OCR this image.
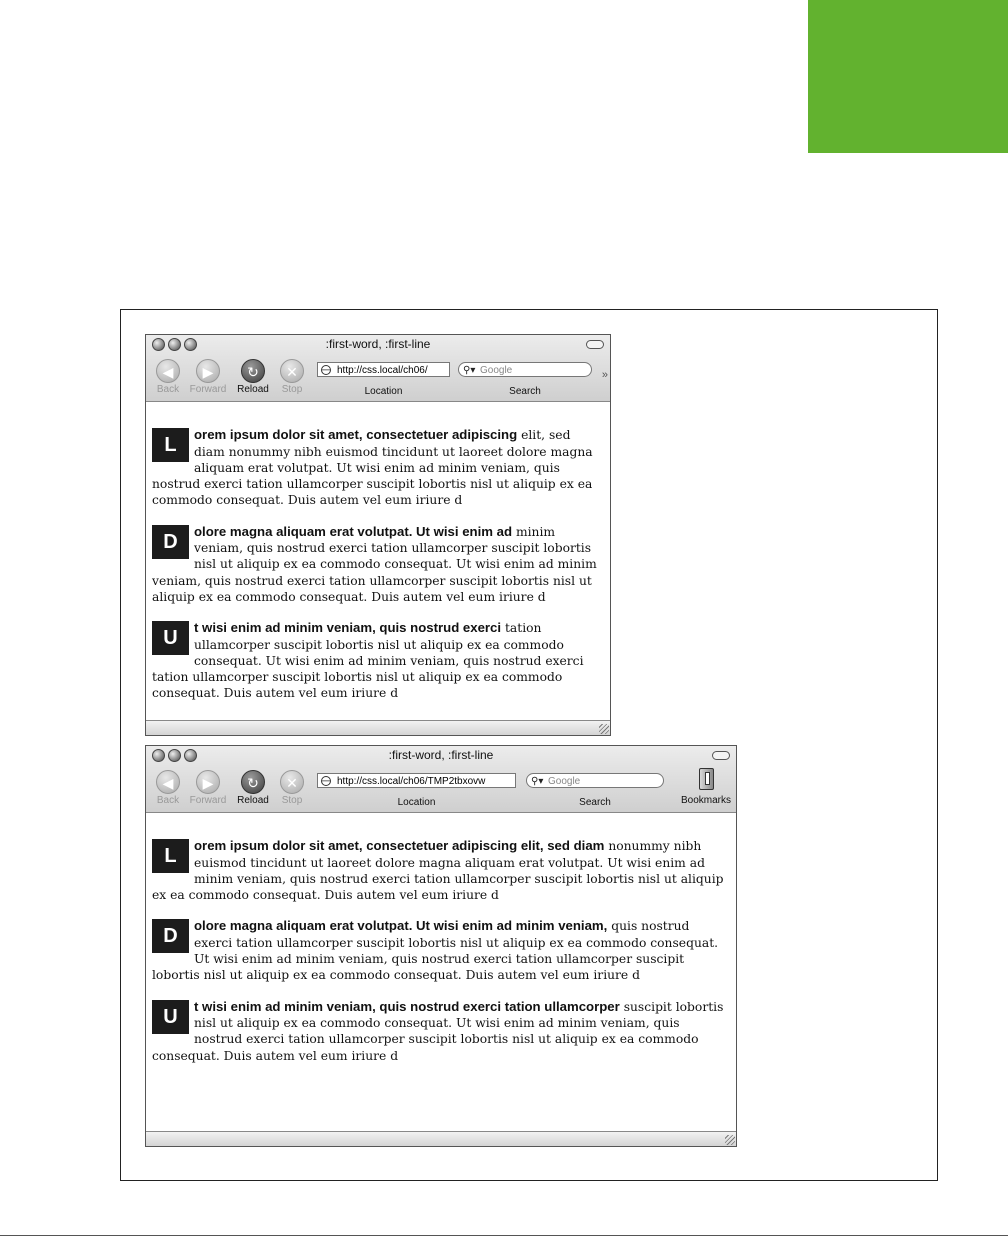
:first-word, :first-line
◀
Back
▶
Forward
↻
Reload
✕
Stop
http://css.local/ch06/
Location
⚲▾ Google
Search
»

L	orem ipsum dolor sit amet, consectetuer adipiscing elit, sed diam nonummy nibh euismod tincidunt ut laoreet dolore magna aliquam erat volutpat. Ut wisi enim ad minim veniam, quis nostrud exerci tation ullamcorper suscipit lobortis nisl ut aliquip ex ea commodo consequat. Duis autem vel eum iriure d

D	olore magna aliquam erat volutpat. Ut wisi enim ad minim veniam, quis nostrud exerci tation ullamcorper suscipit lobortis nisl ut aliquip ex ea commodo consequat. Ut wisi enim ad minim veniam, quis nostrud exerci tation ullamcorper suscipit lobortis nisl ut aliquip ex ea commodo consequat. Duis autem vel eum iriure d

U	t wisi enim ad minim veniam, quis nostrud exerci tation ullamcorper suscipit lobortis nisl ut aliquip ex ea commodo consequat. Ut wisi enim ad minim veniam, quis nostrud exerci tation ullamcorper suscipit lobortis nisl ut aliquip ex ea commodo consequat. Duis autem vel eum iriure d

:first-word, :first-line
◀
Back
▶
Forward
↻
Reload
✕
Stop
http://css.local/ch06/TMP2tbxovw
Location
⚲▾ Google
Search	Bookmarks

L	orem ipsum dolor sit amet, consectetuer adipiscing elit, sed diam nonummy nibh euismod tincidunt ut laoreet dolore magna aliquam erat volutpat. Ut wisi enim ad minim veniam, quis nostrud exerci tation ullamcorper suscipit lobortis nisl ut aliquip ex ea commodo consequat. Duis autem vel eum iriure d

D	olore magna aliquam erat volutpat. Ut wisi enim ad minim veniam, quis nostrud exerci tation ullamcorper suscipit lobortis nisl ut aliquip ex ea commodo consequat. Ut wisi enim ad minim veniam, quis nostrud exerci tation ullamcorper suscipit lobortis nisl ut aliquip ex ea commodo consequat. Duis autem vel eum iriure d

U	t wisi enim ad minim veniam, quis nostrud exerci tation ullamcorper suscipit lobortis nisl ut aliquip ex ea commodo consequat. Ut wisi enim ad minim veniam, quis nostrud exerci tation ullamcorper suscipit lobortis nisl ut aliquip ex ea commodo consequat. Duis autem vel eum iriure d
